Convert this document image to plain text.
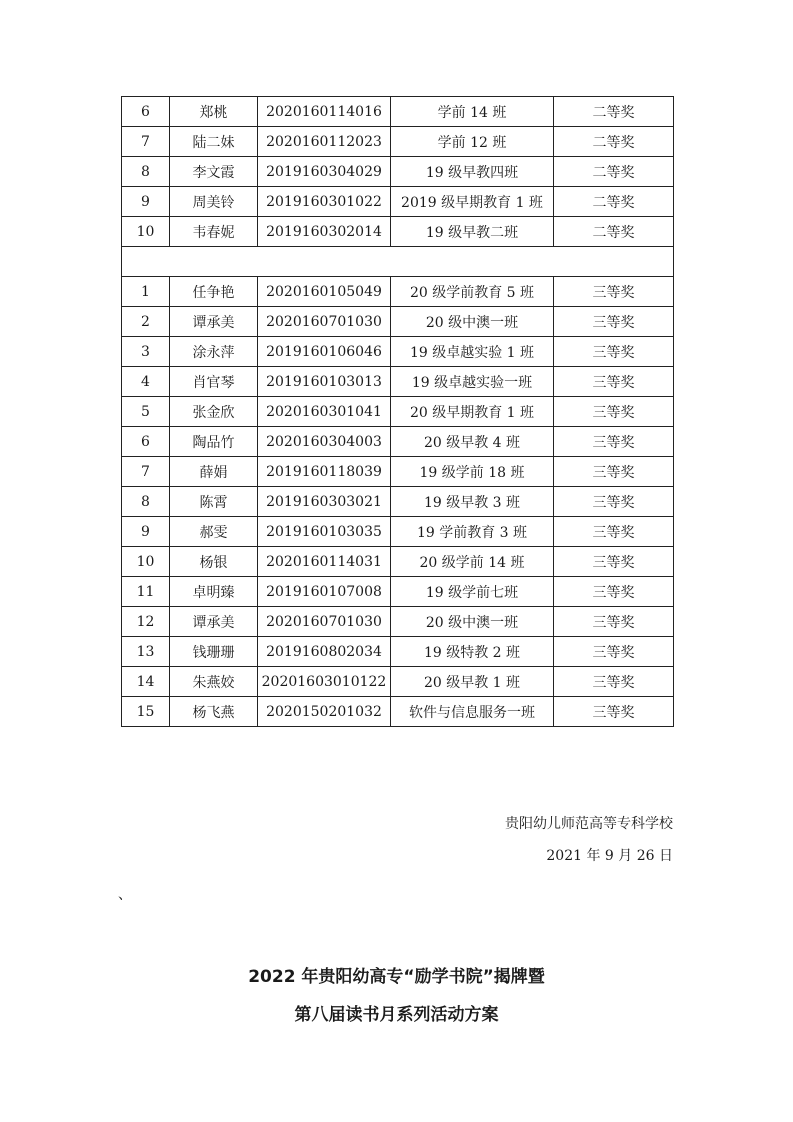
6	郑桃	2020160114016	学前 14 班	二等奖
7	陆二妹	2020160112023	学前 12 班	二等奖
8	李文霞	2019160304029	19 级早教四班	二等奖
9	周美铃	2019160301022	2019 级早期教育 1 班	二等奖
10	韦春妮	2019160302014	19 级早教二班	二等奖

1	任争艳	2020160105049	20 级学前教育 5 班	三等奖
2	谭承美	2020160701030	20 级中澳一班	三等奖
3	涂永萍	2019160106046	19 级卓越实验 1 班	三等奖
4	肖官琴	2019160103013	19 级卓越实验一班	三等奖
5	张金欣	2020160301041	20 级早期教育 1 班	三等奖
6	陶品竹	2020160304003	20 级早教 4 班	三等奖
7	薛娟	2019160118039	19 级学前 18 班	三等奖
8	陈霄	2019160303021	19 级早教 3 班	三等奖
9	郝雯	2019160103035	19 学前教育 3 班	三等奖
10	杨银	2020160114031	20 级学前 14 班	三等奖
11	卓明臻	2019160107008	19 级学前七班	三等奖
12	谭承美	2020160701030	20 级中澳一班	三等奖
13	钱珊珊	2019160802034	19 级特教 2 班	三等奖
14	朱燕姣	20201603010122	20 级早教 1 班	三等奖
15	杨飞燕	2020150201032	软件与信息服务一班	三等奖
贵阳幼儿师范高等专科学校
2021 年 9 月 26 日
、
2022 年贵阳幼高专“励学书院”揭牌暨
第八届读书月系列活动方案
